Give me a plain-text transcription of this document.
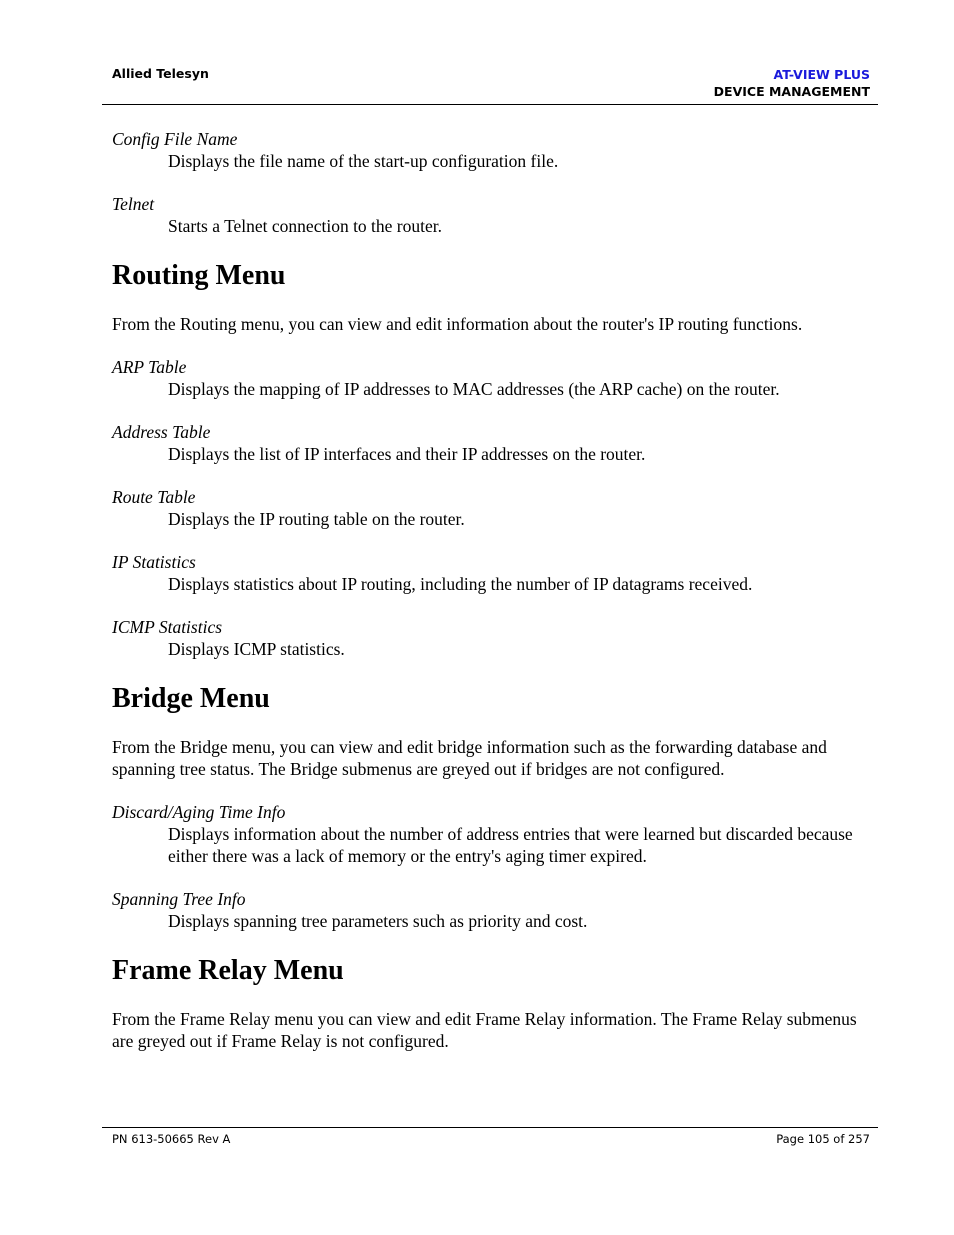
Allied Telesyn	AT-VIEW PLUS
DEVICE MANAGEMENT

Config File Name

Displays the file name of the start-up configuration file.

Telnet

Starts a Telnet connection to the router.

Routing Menu

From the Routing menu, you can view and edit information about the router's IP routing functions.

ARP Table

Displays the mapping of IP addresses to MAC addresses (the ARP cache) on the router.

Address Table

Displays the list of IP interfaces and their IP addresses on the router.

Route Table

Displays the IP routing table on the router.

IP Statistics

Displays statistics about IP routing, including the number of IP datagrams received.

ICMP Statistics

Displays ICMP statistics.

Bridge Menu

From the Bridge menu, you can view and edit bridge information such as the forwarding database and spanning tree status. The Bridge submenus are greyed out if bridges are not configured.

Discard/Aging Time Info

Displays information about the number of address entries that were learned but discarded because either there was a lack of memory or the entry's aging timer expired.

Spanning Tree Info

Displays spanning tree parameters such as priority and cost.

Frame Relay Menu

From the Frame Relay menu you can view and edit Frame Relay information. The Frame Relay submenus are greyed out if Frame Relay is not configured.

PN 613-50665 Rev A	Page 105 of 257
